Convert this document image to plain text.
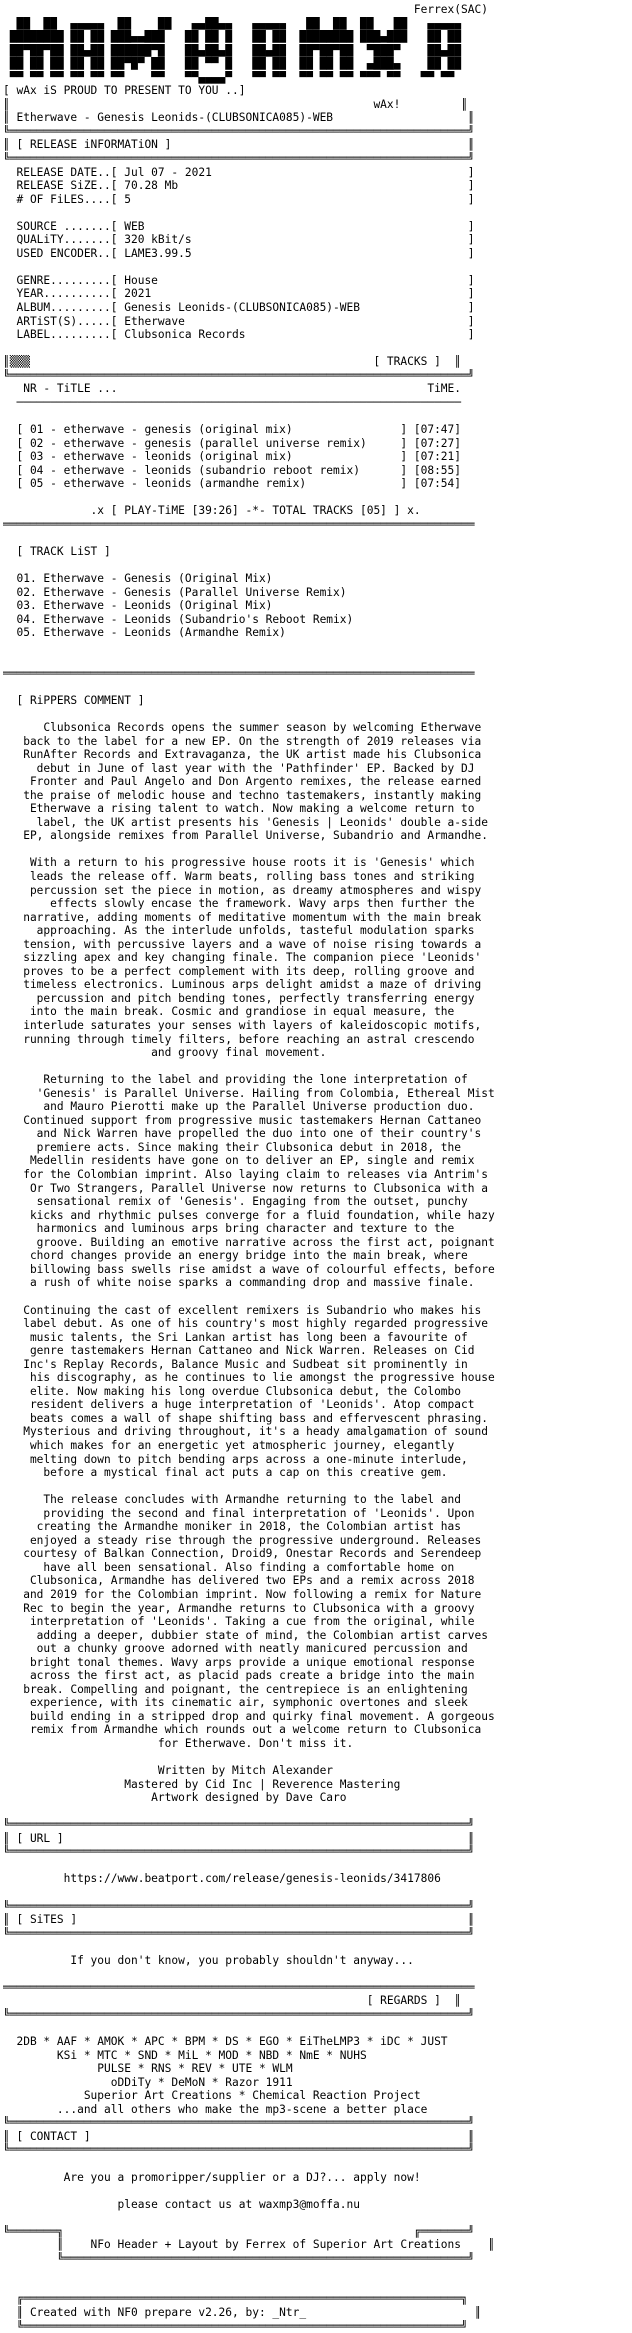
Ferrex(SAC)
██  ██  ▄▄▄▄▄  ██    ██   ▄▄██▄▄   ▄▄▄▄▄   ██  ██  ██   ██   ▄▄▄▄▄
████████ ██ ██ ███▄▄███   ██ ██ █   ██ ██  ████████ ███▄███   ██ ██
██▀██▀██ ██▄██ ██████▀█   ██▄██▄█   ██▄██  ██▀██▀██  ▀███▀    ██▄██
██ ██ ██ ██ ██ ██▀█▀ ██   ██ ▀▀ █   ██ ██  ██ ██ ██  ▄███▄    ██ ██
▀▀ ▀▀ ▀▀ ▀▀ ▀▀ ▀▀    ▀▀   ▀▀▄▄▄▄▀   ▀▀ ▀▀  ▀▀ ▀▀ ▀▀ ▀▀▀ ▀▀   ▀▀ ▀▀
[ wAx iS PROUD TO PRESENT TO YOU ..]
║                                                      wAx!         ║
║ Etherwave - Genesis Leonids-(CLUBSONICA085)-WEB                    ║
╚════════════════════════════════════════════════════════════════════╝
║ [ RELEASE iNFORMATiON ]                                            ║
╚════════════════════════════════════════════════════════════════════╝
RELEASE DATE..[ Jul 07 - 2021                                      ]
RELEASE SiZE..[ 70.28 Mb                                           ]
# OF FiLES....[ 5                                                  ]

SOURCE .......[ WEB                                                ]
QUALiTY.......[ 320 kBit/s                                         ]
USED ENCODER..[ LAME3.99.5                                         ]

GENRE.........[ House                                              ]
YEAR..........[ 2021                                               ]
ALBUM.........[ Genesis Leonids-(CLUBSONICA085)-WEB                ]
ARTiST(S).....[ Etherwave                                          ]
LABEL.........[ Clubsonica Records                                 ]

║▒▒▒                                                   [ TRACKS ]  ║
╚════════════════════════════════════════════════════════════════════╝
NR - TiTLE ...                                              TiME.
──────────────────────────────────────────────────────────────────

[ 01 - etherwave - genesis (original mix)                ] [07:47]
[ 02 - etherwave - genesis (parallel universe remix)     ] [07:27]
[ 03 - etherwave - leonids (original mix)                ] [07:21]
[ 04 - etherwave - leonids (subandrio reboot remix)      ] [08:55]
[ 05 - etherwave - leonids (armandhe remix)              ] [07:54]

.x [ PLAY-TiME [39:26] -*- TOTAL TRACKS [05] ] x.
══════════════════════════════════════════════════════════════════════

[ TRACK LiST ]

01. Etherwave - Genesis (Original Mix)
02. Etherwave - Genesis (Parallel Universe Remix)
03. Etherwave - Leonids (Original Mix)
04. Etherwave - Leonids (Subandrio's Reboot Remix)
05. Etherwave - Leonids (Armandhe Remix)

══════════════════════════════════════════════════════════════════════

[ RiPPERS COMMENT ]

Clubsonica Records opens the summer season by welcoming Etherwave
back to the label for a new EP. On the strength of 2019 releases via
RunAfter Records and Extravaganza, the UK artist made his Clubsonica
debut in June of last year with the 'Pathfinder' EP. Backed by DJ
Fronter and Paul Angelo and Don Argento remixes, the release earned
the praise of melodic house and techno tastemakers, instantly making
Etherwave a rising talent to watch. Now making a welcome return to
label, the UK artist presents his 'Genesis | Leonids' double a-side
EP, alongside remixes from Parallel Universe, Subandrio and Armandhe.

With a return to his progressive house roots it is 'Genesis' which
leads the release off. Warm beats, rolling bass tones and striking
percussion set the piece in motion, as dreamy atmospheres and wispy
effects slowly encase the framework. Wavy arps then further the
narrative, adding moments of meditative momentum with the main break
approaching. As the interlude unfolds, tasteful modulation sparks
tension, with percussive layers and a wave of noise rising towards a
sizzling apex and key changing finale. The companion piece 'Leonids'
proves to be a perfect complement with its deep, rolling groove and
timeless electronics. Luminous arps delight amidst a maze of driving
percussion and pitch bending tones, perfectly transferring energy
into the main break. Cosmic and grandiose in equal measure, the
interlude saturates your senses with layers of kaleidoscopic motifs,
running through timely filters, before reaching an astral crescendo
and groovy final movement.

Returning to the label and providing the lone interpretation of
'Genesis' is Parallel Universe. Hailing from Colombia, Ethereal Mist
and Mauro Pierotti make up the Parallel Universe production duo.
Continued support from progressive music tastemakers Hernan Cattaneo
and Nick Warren have propelled the duo into one of their country's
premiere acts. Since making their Clubsonica debut in 2018, the
Medellin residents have gone on to deliver an EP, single and remix
for the Colombian imprint. Also laying claim to releases via Antrim's
Or Two Strangers, Parallel Universe now returns to Clubsonica with a
sensational remix of 'Genesis'. Engaging from the outset, punchy
kicks and rhythmic pulses converge for a fluid foundation, while hazy
harmonics and luminous arps bring character and texture to the
groove. Building an emotive narrative across the first act, poignant
chord changes provide an energy bridge into the main break, where
billowing bass swells rise amidst a wave of colourful effects, before
a rush of white noise sparks a commanding drop and massive finale.

Continuing the cast of excellent remixers is Subandrio who makes his
label debut. As one of his country's most highly regarded progressive
music talents, the Sri Lankan artist has long been a favourite of
genre tastemakers Hernan Cattaneo and Nick Warren. Releases on Cid
Inc's Replay Records, Balance Music and Sudbeat sit prominently in
his discography, as he continues to lie amongst the progressive house
elite. Now making his long overdue Clubsonica debut, the Colombo
resident delivers a huge interpretation of 'Leonids'. Atop compact
beats comes a wall of shape shifting bass and effervescent phrasing.
Mysterious and driving throughout, it's a heady amalgamation of sound
which makes for an energetic yet atmospheric journey, elegantly
melting down to pitch bending arps across a one-minute interlude,
before a mystical final act puts a cap on this creative gem.

The release concludes with Armandhe returning to the label and
providing the second and final interpretation of 'Leonids'. Upon
creating the Armandhe moniker in 2018, the Colombian artist has
enjoyed a steady rise through the progressive underground. Releases
courtesy of Balkan Connection, Droid9, Onestar Records and Serendeep
have all been sensational. Also finding a comfortable home on
Clubsonica, Armandhe has delivered two EPs and a remix across 2018
and 2019 for the Colombian imprint. Now following a remix for Nature
Rec to begin the year, Armandhe returns to Clubsonica with a groovy
interpretation of 'Leonids'. Taking a cue from the original, while
adding a deeper, dubbier state of mind, the Colombian artist carves
out a chunky groove adorned with neatly manicured percussion and
bright tonal themes. Wavy arps provide a unique emotional response
across the first act, as placid pads create a bridge into the main
break. Compelling and poignant, the centrepiece is an enlightening
experience, with its cinematic air, symphonic overtones and sleek
build ending in a stripped drop and quirky final movement. A gorgeous
remix from Armandhe which rounds out a welcome return to Clubsonica
for Etherwave. Don't miss it.

Written by Mitch Alexander
Mastered by Cid Inc | Reverence Mastering
Artwork designed by Dave Caro

╚════════════════════════════════════════════════════════════════════╝
║ [ URL ]                                                            ║
╚════════════════════════════════════════════════════════════════════╝

https://www.beatport.com/release/genesis-leonids/3417806

╚════════════════════════════════════════════════════════════════════╝
║ [ SiTES ]                                                          ║
╚════════════════════════════════════════════════════════════════════╝

If you don't know, you probably shouldn't anyway...

══════════════════════════════════════════════════════════════════════
[ REGARDS ]  ║
╚════════════════════════════════════════════════════════════════════╝

2DB * AAF * AMOK * APC * BPM * DS * EGO * EiTheLMP3 * iDC * JUST
KSi * MTC * SND * MiL * MOD * NBD * NmE * NUHS
PULSE * RNS * REV * UTE * WLM
oDDiTy * DeMoN * Razor 1911
Superior Art Creations * Chemical Reaction Project
...and all others who make the mp3-scene a better place
╚════════════════════════════════════════════════════════════════════╝
║ [ CONTACT ]                                                        ║
╚════════════════════════════════════════════════════════════════════╝

Are you a promoripper/supplier or a DJ?... apply now!

please contact us at waxmp3@moffa.nu

╚═══════╗                                                    ╔═══════╝
║    NFo Header + Layout by Ferrex of Superior Art Creations    ║
╚════════════════════════════════════════════════════════════╝

╔═════════════════════════════════════════════════════════════════╗
║ Created with NF0 prepare v2.26, by: _Ntr_                         ║
╚═════════════════════════════════════════════════════════════════╝
